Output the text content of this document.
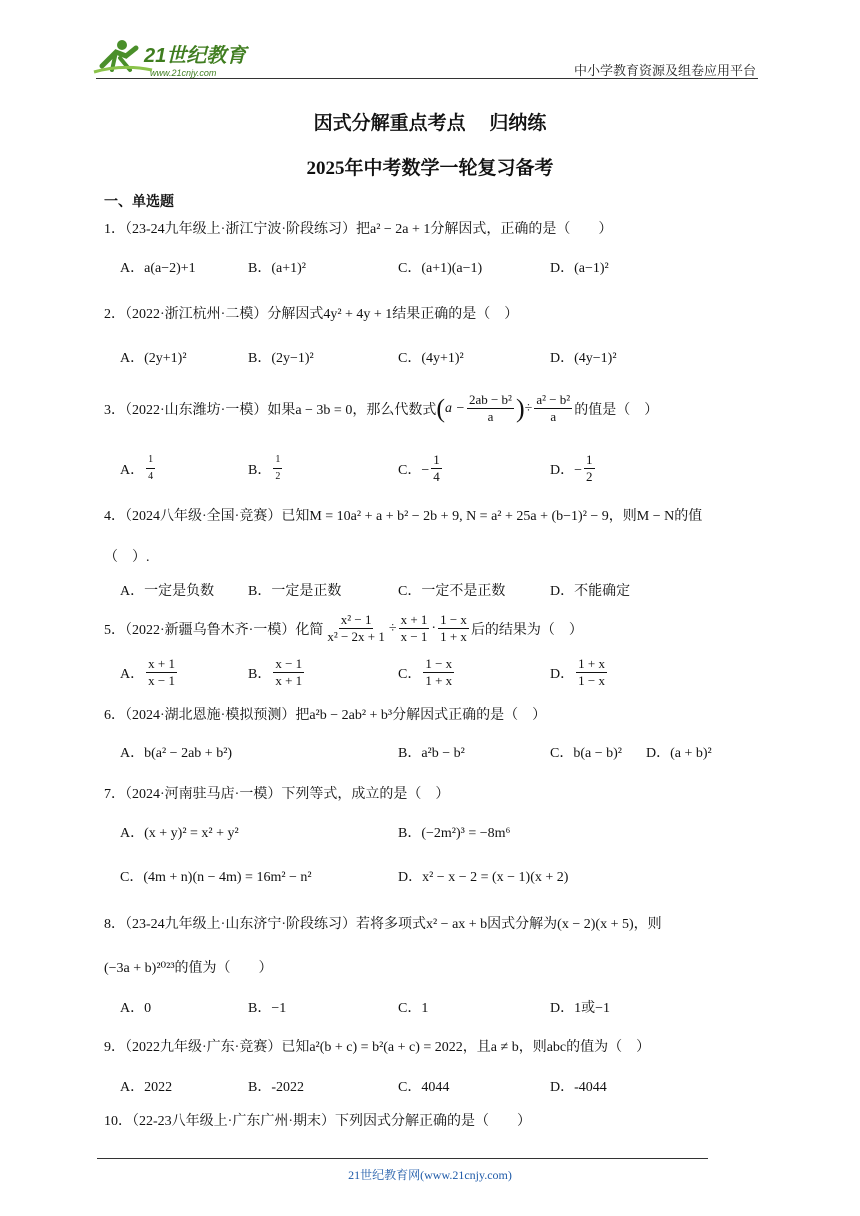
21世纪教育
www.21cnjy.com	中小学教育资源及组卷应用平台
因式分解重点考点　 归纳练
2025年中考数学一轮复习备考
一、单选题
1．（23-24九年级上·浙江宁波·阶段练习）把a² − 2a + 1分解因式，正确的是（　　）
A．a(a−2)+1	B．(a+1)²	C．(a+1)(a−1)	D．(a−1)²
2．（2022·浙江杭州·二模）分解因式4y² + 4y + 1结果正确的是（　）
A．(2y+1)²	B．(2y−1)²	C．(4y+1)²	D．(4y−1)²
3．（2022·山东潍坊·一模）如果a − 3b = 0，那么代数式 ( $a - \frac{\text{2ab − b²}}{a}$ ) ÷ $\frac{\text{a² − b²}}{a}$ 的值是（　）
A． $\frac{1}{4}$	B． $\frac{1}{2}$	C．− $\frac{1}{4}$	D．− $\frac{1}{2}$
4．（2024八年级·全国·竞赛）已知M = 10a² + a + b² − 2b + 9, N = a² + 25a + (b−1)² − 9，则M − N的值
（　）.
A．一定是负数 B．一定是正数	C．一定不是正数	D．不能确定
5．（2022·新疆乌鲁木齐·一模）化简 $\frac{\text{x² − 1}}{\text{x² − 2x + 1}} \div \frac{x + 1}{x - 1} \cdot \frac{1 - x}{1 + x}$ 后的结果为（　）
A． $\frac{x + 1}{x - 1}$	B． $\frac{x - 1}{x + 1}$	C． $\frac{1 - x}{1 + x}$	D． $\frac{1 + x}{1 - x}$
6．（2024·湖北恩施·模拟预测）把a²b − 2ab² + b³分解因式正确的是（　）
A．b(a² − 2ab + b²)	B．a²b − b²	C．b(a − b)² D．(a + b)²
7．（2024·河南驻马店·一模）下列等式，成立的是（　）
A．(x + y)² = x² + y²	B．(−2m²)³ = −8m⁶
C．(4m + n)(n − 4m) = 16m² − n²	D．x² − x − 2 = (x − 1)(x + 2)
8．（23-24九年级上·山东济宁·阶段练习）若将多项式x² − ax + b因式分解为(x − 2)(x + 5)，则
(−3a + b)²⁰²³的值为（　　）
A．0	B．−1	C．1	D．1或−1
9．（2022九年级·广东·竞赛）已知a²(b + c) = b²(a + c) = 2022，且a ≠ b，则abc的值为（　）
A．2022	B．-2022	C．4044	D．-4044
10．（22-23八年级上·广东广州·期末）下列因式分解正确的是（　　）
21世纪教育网(www.21cnjy.com)
